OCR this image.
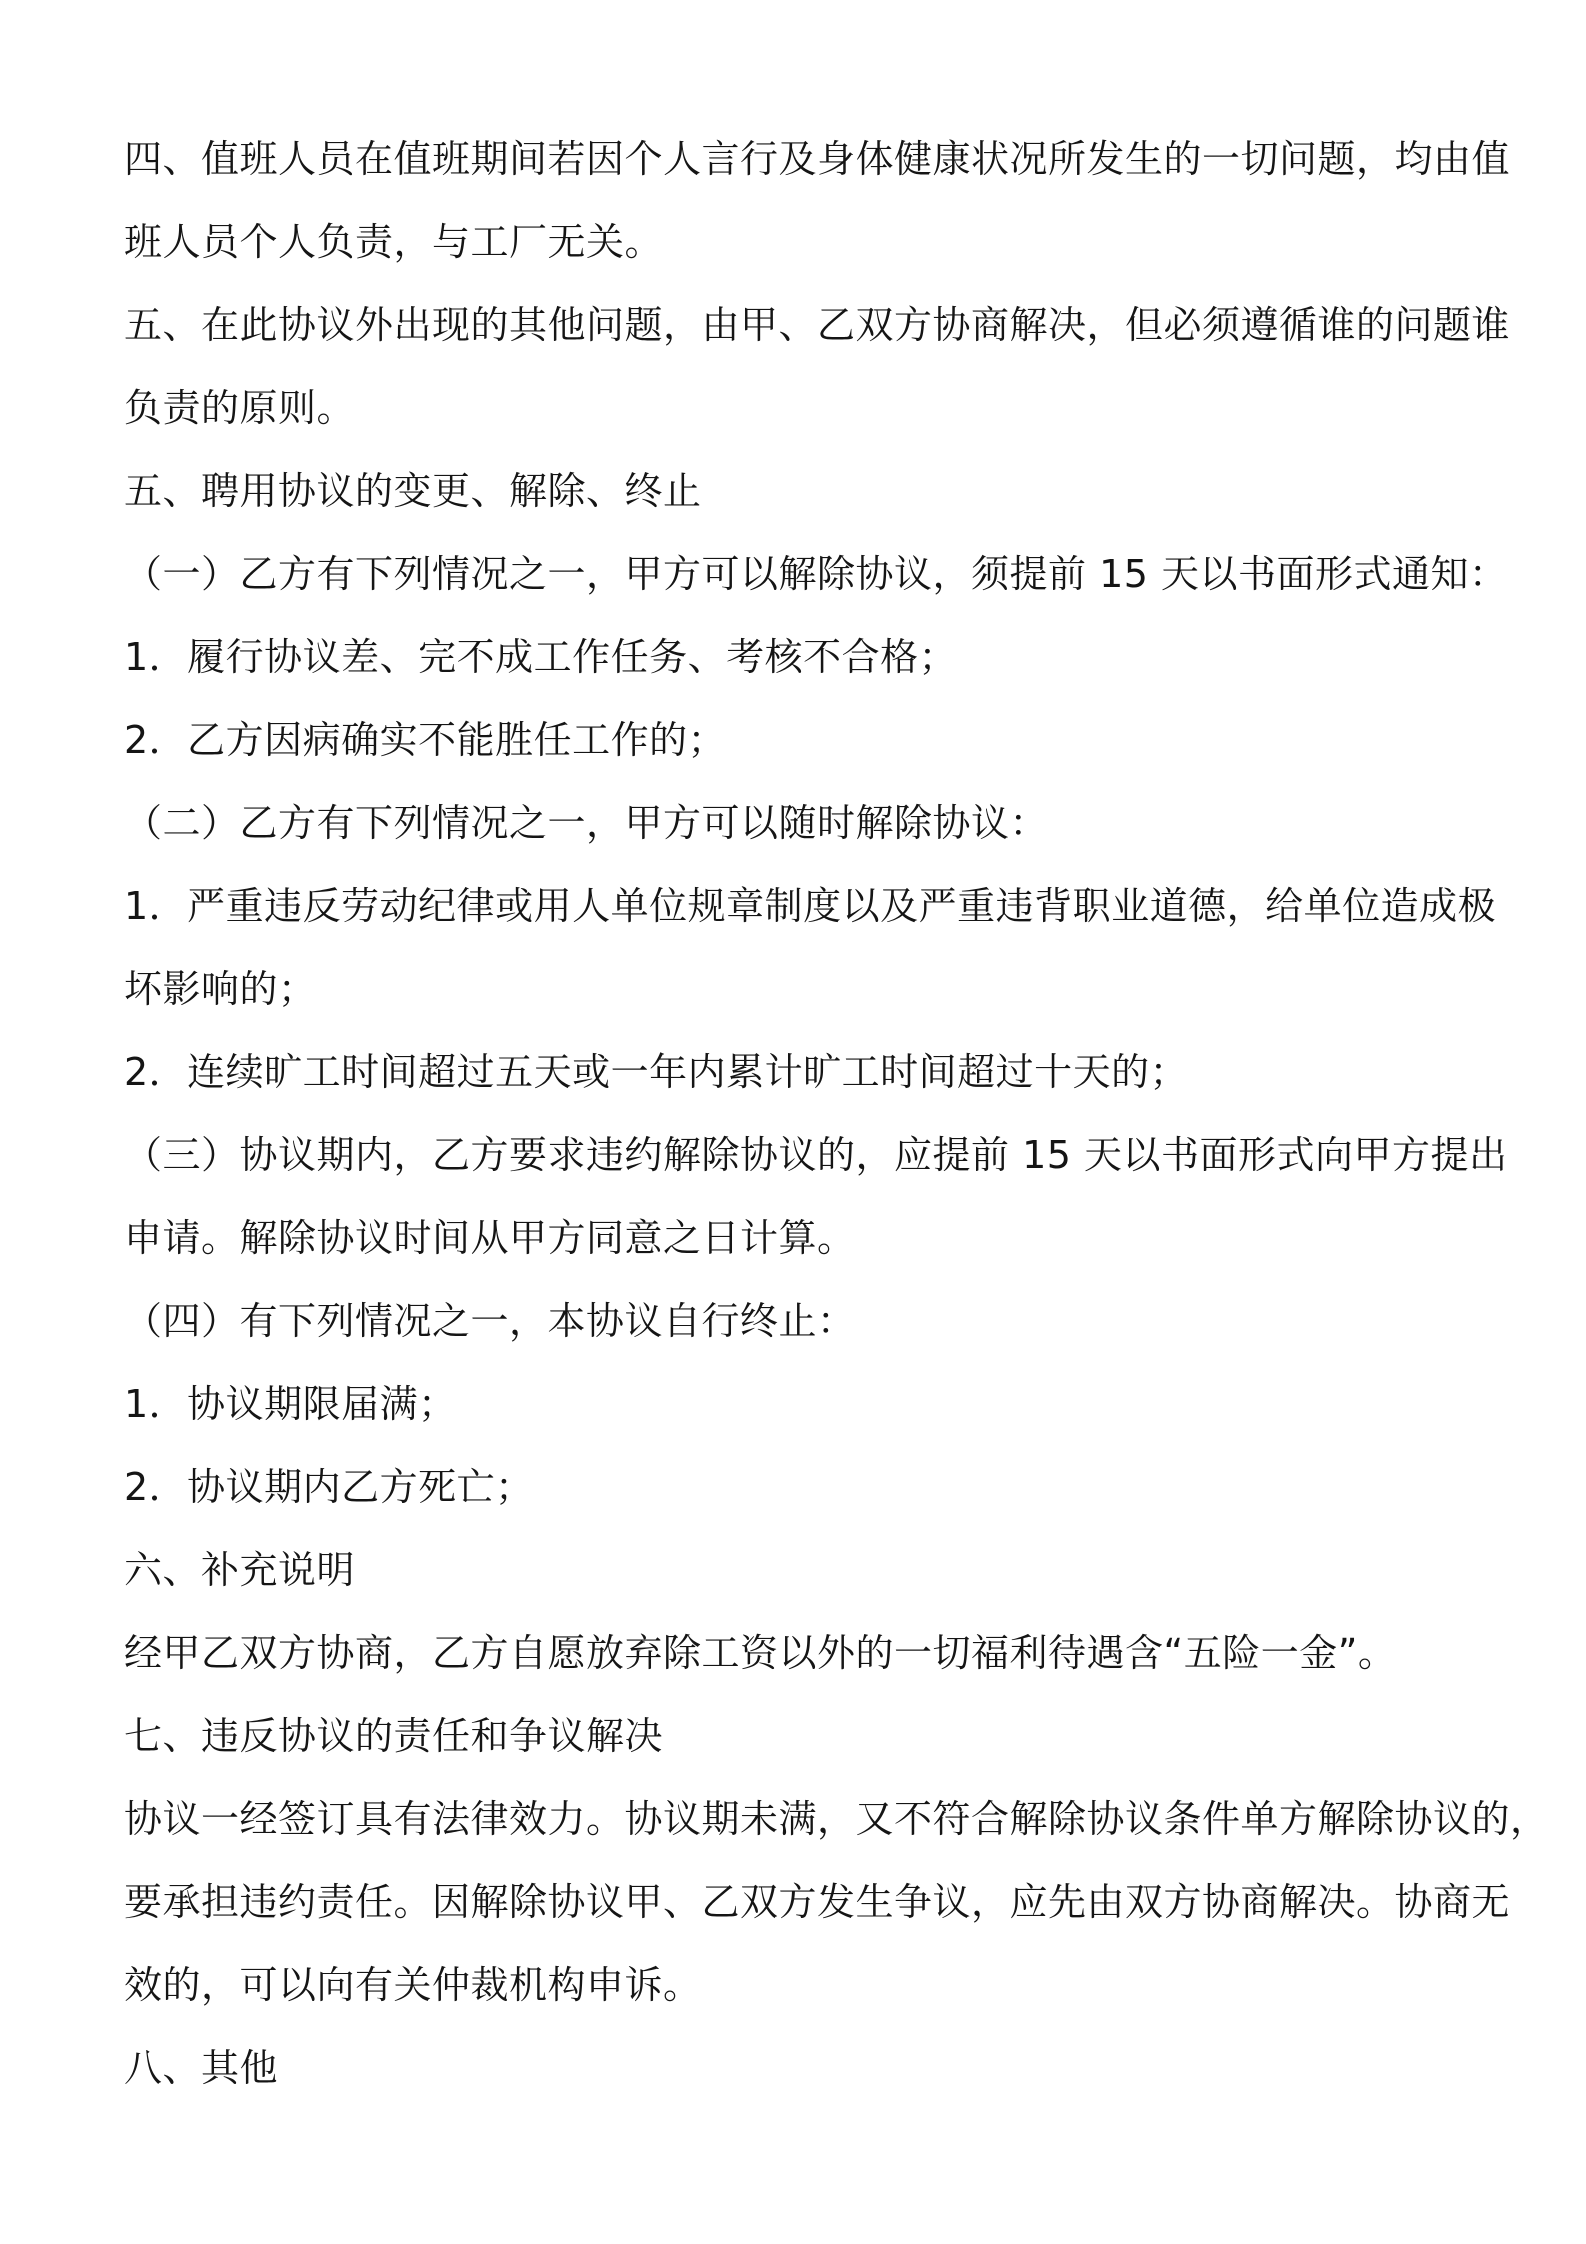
四、值班人员在值班期间若因个人言行及身体健康状况所发生的一切问题，均由值
班人员个人负责，与工厂无关。
五、在此协议外出现的其他问题，由甲、乙双方协商解决，但必须遵循谁的问题谁
负责的原则。
五、聘用协议的变更、解除、终止
（一）乙方有下列情况之一，甲方可以解除协议，须提前 15 天以书面形式通知：
1．履行协议差、完不成工作任务、考核不合格；
2．乙方因病确实不能胜任工作的；
（二）乙方有下列情况之一，甲方可以随时解除协议：
1．严重违反劳动纪律或用人单位规章制度以及严重违背职业道德，给单位造成极
坏影响的；
2．连续旷工时间超过五天或一年内累计旷工时间超过十天的；
（三）协议期内，乙方要求违约解除协议的，应提前 15 天以书面形式向甲方提出
申请。解除协议时间从甲方同意之日计算。
（四）有下列情况之一，本协议自行终止：
1．协议期限届满；
2．协议期内乙方死亡；
六、补充说明
经甲乙双方协商，乙方自愿放弃除工资以外的一切福利待遇含“五险一金”。
七、违反协议的责任和争议解决
协议一经签订具有法律效力。协议期未满，又不符合解除协议条件单方解除协议的，
要承担违约责任。因解除协议甲、乙双方发生争议，应先由双方协商解决。协商无
效的，可以向有关仲裁机构申诉。
八、其他
